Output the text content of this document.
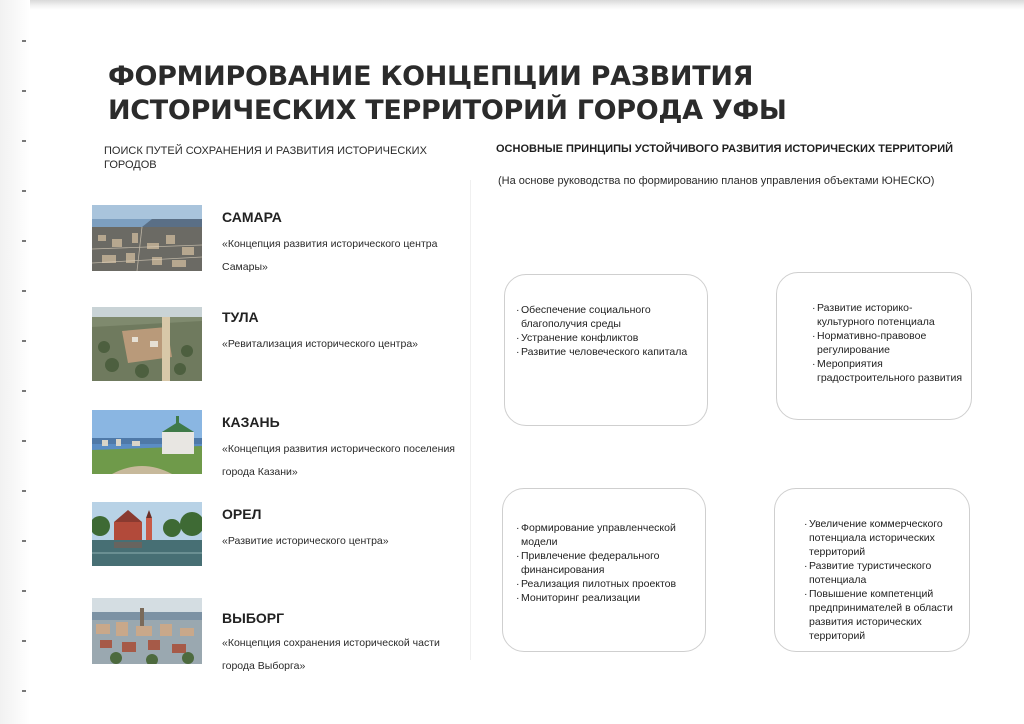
ФОРМИРОВАНИЕ КОНЦЕПЦИИ РАЗВИТИЯ ИСТОРИЧЕСКИХ ТЕРРИТОРИЙ ГОРОДА УФЫ
ПОИСК ПУТЕЙ СОХРАНЕНИЯ И РАЗВИТИЯ ИСТОРИЧЕСКИХ ГОРОДОВ
ОСНОВНЫЕ ПРИНЦИПЫ УСТОЙЧИВОГО РАЗВИТИЯ ИСТОРИЧЕСКИХ ТЕРРИТОРИЙ
(На основе руководства по формированию планов управления объектами ЮНЕСКО)
САМАРА
«Концепция развития исторического центра Самары»
ТУЛА
«Ревитализация исторического центра»
КАЗАНЬ
«Концепция развития исторического поселения города Казани»
ОРЕЛ
«Развитие исторического центра»
ВЫБОРГ
«Концепция сохранения исторической части города Выборга»
· Обеспечение социального благополучия среды
· Устранение конфликтов
· Развитие человеческого капитала
· Развитие историко-культурного потенциала
· Нормативно-правовое регулирование
· Мероприятия градостроительного развития
· Формирование управленческой модели
· Привлечение федерального финансирования
· Реализация пилотных проектов
· Мониторинг реализации
· Увеличение коммерческого потенциала исторических территорий
· Развитие туристического потенциала
· Повышение компетенций предпринимателей в области развития исторических территорий
